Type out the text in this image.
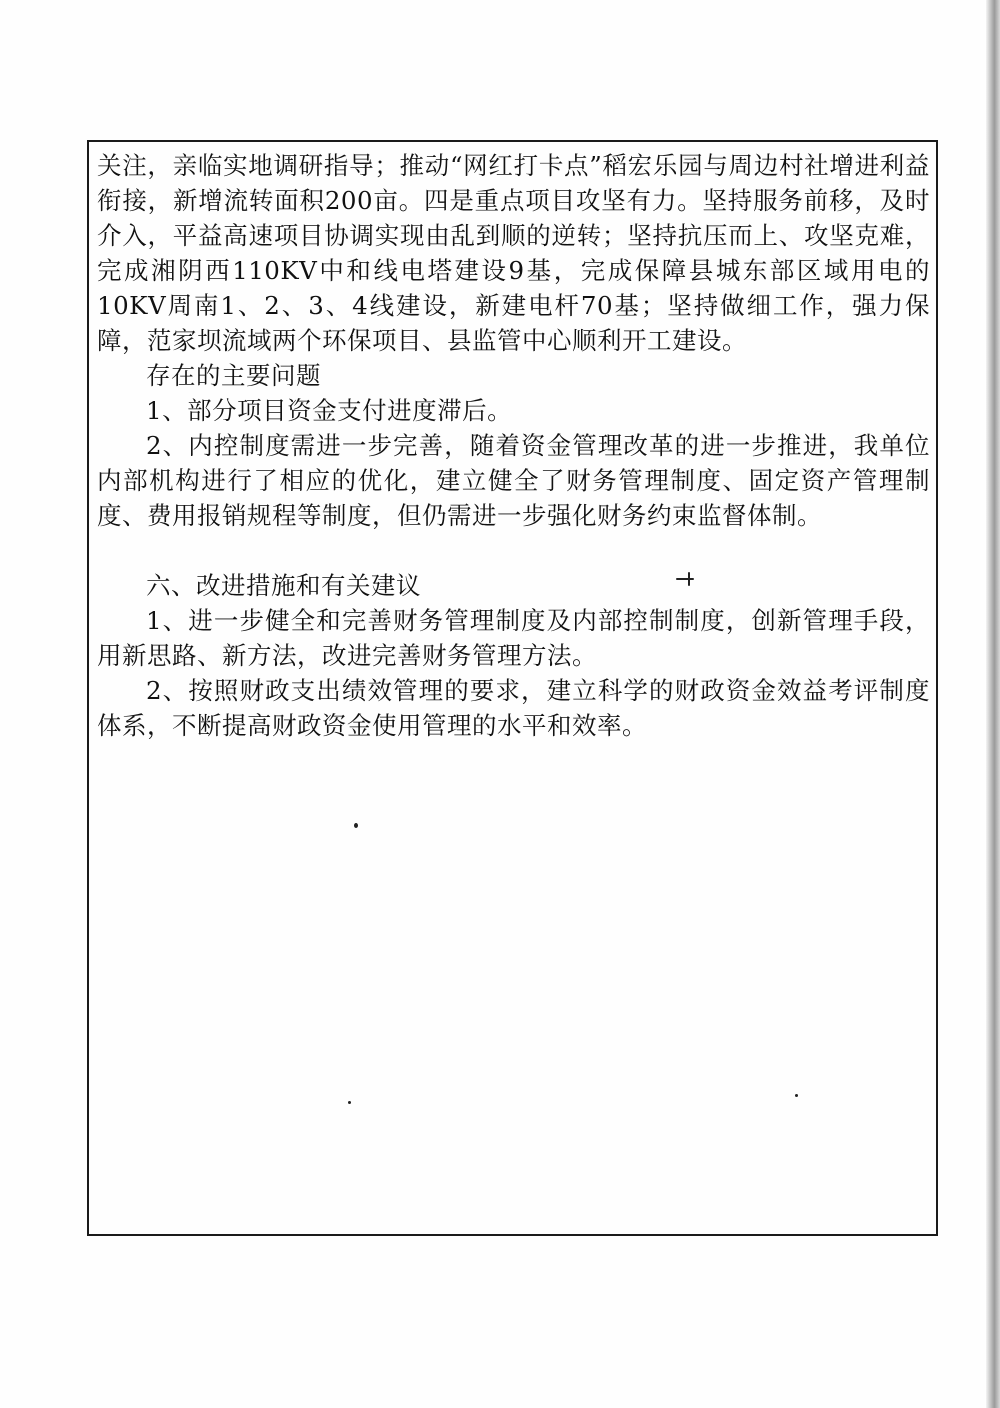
关注，亲临实地调研指导；推动“网红打卡点”稻宏乐园与周边村社增进利益衔接，新增流转面积200亩。四是重点项目攻坚有力。坚持服务前移，及时介入，平益高速项目协调实现由乱到顺的逆转；坚持抗压而上、攻坚克难，完成湘阴西110KV中和线电塔建设9基，完成保障县城东部区域用电的10KV周南1、2、3、4线建设，新建电杆70基；坚持做细工作，强力保障，范家坝流域两个环保项目、县监管中心顺利开工建设。

存在的主要问题

1、部分项目资金支付进度滞后。

2、内控制度需进一步完善，随着资金管理改革的进一步推进，我单位内部机构进行了相应的优化，建立健全了财务管理制度、固定资产管理制度、费用报销规程等制度，但仍需进一步强化财务约束监督体制。

六、改进措施和有关建议

1、进一步健全和完善财务管理制度及内部控制制度，创新管理手段，用新思路、新方法，改进完善财务管理方法。

2、按照财政支出绩效管理的要求，建立科学的财政资金效益考评制度体系，不断提高财政资金使用管理的水平和效率。
